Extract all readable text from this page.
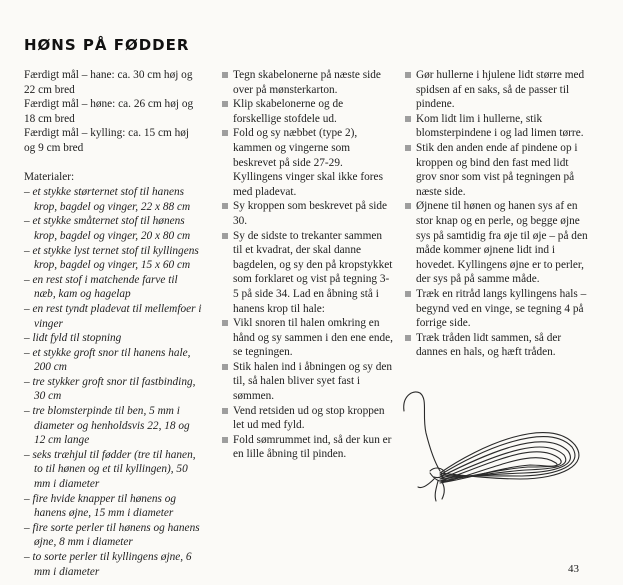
HØNS PÅ FØDDER

Færdigt mål – hane: ca. 30 cm høj og 22 cm bred

Færdigt mål – høne: ca. 26 cm høj og 18 cm bred

Færdigt mål – kylling: ca. 15 cm høj og 9 cm bred

Materialer:

– et stykke størternet stof til hanens krop, bagdel og vinger, 22 x 88 cm
– et stykke småternet stof til hønens krop, bagdel og vinger, 20 x 80 cm
– et stykke lyst ternet stof til kyllingens krop, bagdel og vinger, 15 x 60 cm
– en rest stof i matchende farve til næb, kam og hagelap
– en rest tyndt pladevat til mellemfoer i vinger
– lidt fyld til stopning
– et stykke groft snor til hanens hale, 200 cm
– tre stykker groft snor til fastbinding, 30 cm
– tre blomsterpinde til ben, 5 mm i diameter og henholdsvis 22, 18 og 12 cm lange
– seks træhjul til fødder (tre til hanen, to til hønen og et til kyllingen), 50 mm i diameter
– fire hvide knapper til hønens og hanens øjne, 15 mm i diameter
– fire sorte perler til hønens og hanens øjne, 8 mm i diameter
– to sorte perler til kyllingens øjne, 6 mm i diameter
Tegn skabelonerne på næste side over på mønsterkarton.
Klip skabelonerne og de forskellige stofdele ud.
Fold og sy næbbet (type 2), kammen og vingerne som beskrevet på side 27-29. Kyllingens vinger skal ikke fores med pladevat.
Sy kroppen som beskrevet på side 30.
Sy de sidste to trekanter sammen til et kvadrat, der skal danne bagdelen, og sy den på kropstykket som forklaret og vist på tegning 3-5 på side 34. Lad en åbning stå i hanens krop til hale:
Vikl snoren til halen omkring en hånd og sy sammen i den ene ende, se tegningen.
Stik halen ind i åbningen og sy den til, så halen bliver syet fast i sømmen.
Vend retsiden ud og stop kroppen let ud med fyld.
Fold sømrummet ind, så der kun er en lille åbning til pinden.
Gør hullerne i hjulene lidt større med spidsen af en saks, så de passer til pindene.
Kom lidt lim i hullerne, stik blomsterpindene i og lad limen tørre.
Stik den anden ende af pindene op i kroppen og bind den fast med lidt grov snor som vist på tegningen på næste side.
Øjnene til hønen og hanen sys af en stor knap og en perle, og begge øjne sys på samtidig fra øje til øje – på den måde kommer øjnene lidt ind i hovedet. Kyllingens øjne er to perler, der sys på på samme måde.
Træk en ritråd langs kyllingens hals – begynd ved en vinge, se tegning 4 på forrige side.
Træk tråden lidt sammen, så der dannes en hals, og hæft tråden.
43
